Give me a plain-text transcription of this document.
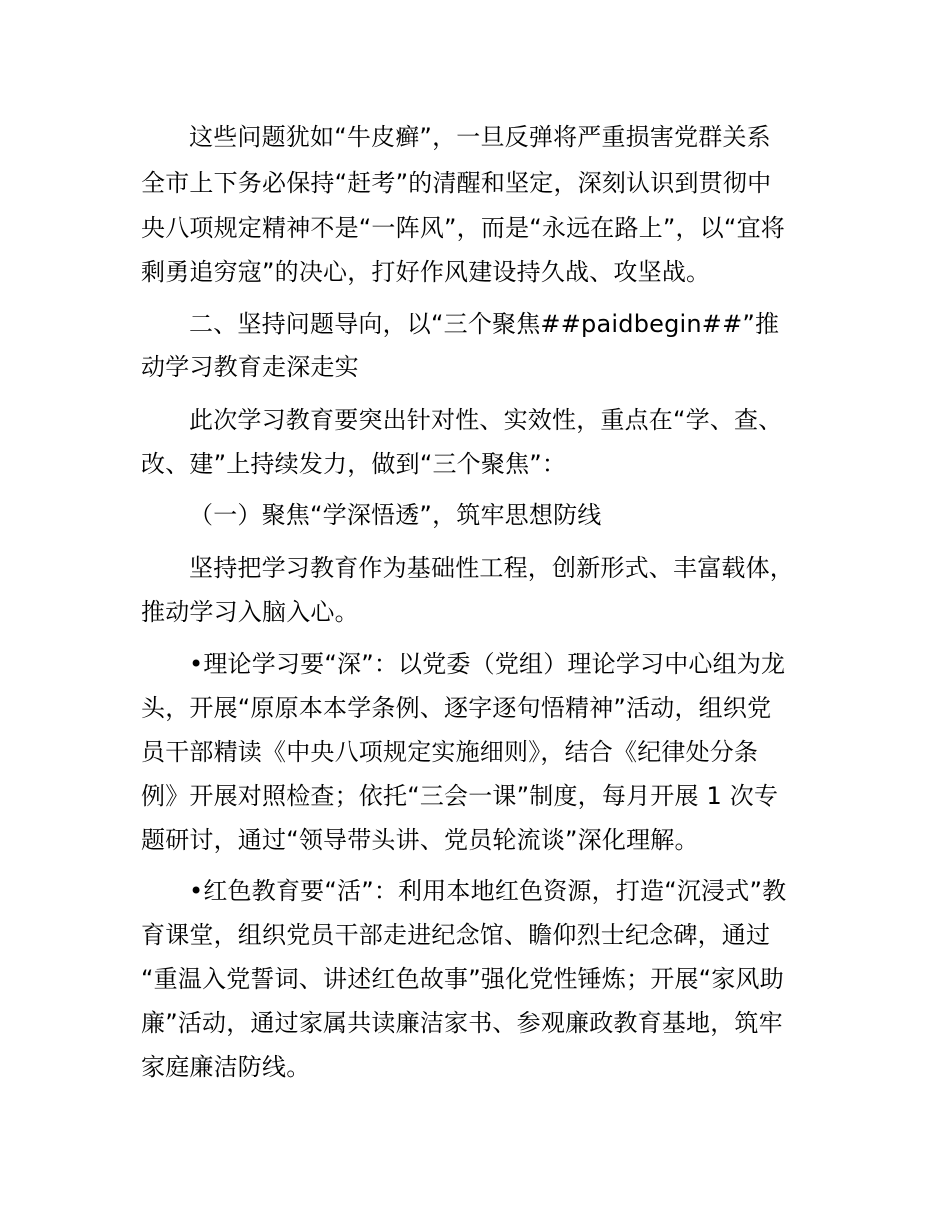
这些问题犹如“牛皮癣”，一旦反弹将严重损害党群关系
全市上下务必保持“赶考”的清醒和坚定，深刻认识到贯彻中
央八项规定精神不是“一阵风”，而是“永远在路上”，以“宜将
剩勇追穷寇”的决心，打好作风建设持久战、攻坚战。
二、坚持问题导向，以“三个聚焦##paidbegin##”推
动学习教育走深走实
此次学习教育要突出针对性、实效性，重点在“学、查、
改、建”上持续发力，做到“三个聚焦”：
（一）聚焦“学深悟透”，筑牢思想防线
坚持把学习教育作为基础性工程，创新形式、丰富载体，
推动学习入脑入心。
•理论学习要“深”：以党委（党组）理论学习中心组为龙
头，开展“原原本本学条例、逐字逐句悟精神”活动，组织党
员干部精读《中央八项规定实施细则》，结合《纪律处分条
例》开展对照检查；依托“三会一课”制度，每月开展 1 次专
题研讨，通过“领导带头讲、党员轮流谈”深化理解。
•红色教育要“活”：利用本地红色资源，打造“沉浸式”教
育课堂，组织党员干部走进纪念馆、瞻仰烈士纪念碑，通过
“重温入党誓词、讲述红色故事”强化党性锤炼；开展“家风助
廉”活动，通过家属共读廉洁家书、参观廉政教育基地，筑牢
家庭廉洁防线。
